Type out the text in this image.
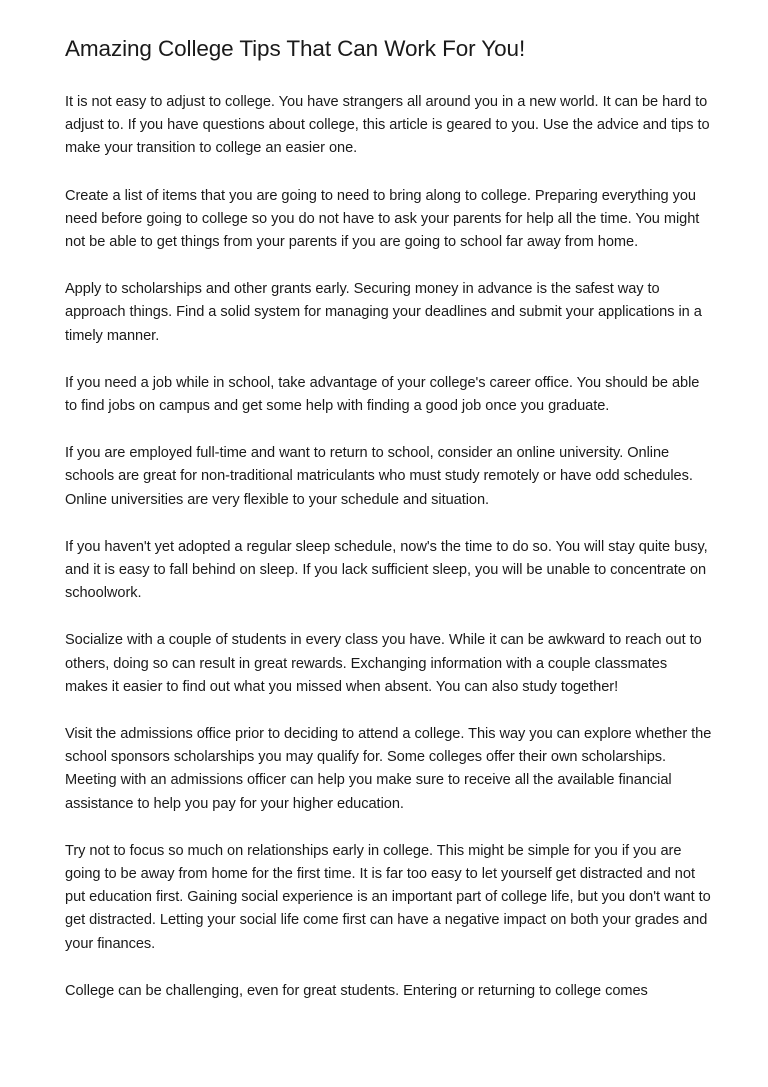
Amazing College Tips That Can Work For You!

It is not easy to adjust to college. You have strangers all around you in a new world. It can be hard to adjust to. If you have questions about college, this article is geared to you. Use the advice and tips to make your transition to college an easier one.

Create a list of items that you are going to need to bring along to college. Preparing everything you need before going to college so you do not have to ask your parents for help all the time. You might not be able to get things from your parents if you are going to school far away from home.

Apply to scholarships and other grants early. Securing money in advance is the safest way to approach things. Find a solid system for managing your deadlines and submit your applications in a timely manner.

If you need a job while in school, take advantage of your college's career office. You should be able to find jobs on campus and get some help with finding a good job once you graduate.

If you are employed full-time and want to return to school, consider an online university. Online schools are great for non-traditional matriculants who must study remotely or have odd schedules. Online universities are very flexible to your schedule and situation.

If you haven't yet adopted a regular sleep schedule, now's the time to do so. You will stay quite busy, and it is easy to fall behind on sleep. If you lack sufficient sleep, you will be unable to concentrate on schoolwork.

Socialize with a couple of students in every class you have. While it can be awkward to reach out to others, doing so can result in great rewards. Exchanging information with a couple classmates makes it easier to find out what you missed when absent. You can also study together!

Visit the admissions office prior to deciding to attend a college. This way you can explore whether the school sponsors scholarships you may qualify for. Some colleges offer their own scholarships. Meeting with an admissions officer can help you make sure to receive all the available financial assistance to help you pay for your higher education.

Try not to focus so much on relationships early in college. This might be simple for you if you are going to be away from home for the first time. It is far too easy to let yourself get distracted and not put education first. Gaining social experience is an important part of college life, but you don't want to get distracted. Letting your social life come first can have a negative impact on both your grades and your finances.

College can be challenging, even for great students. Entering or returning to college comes
